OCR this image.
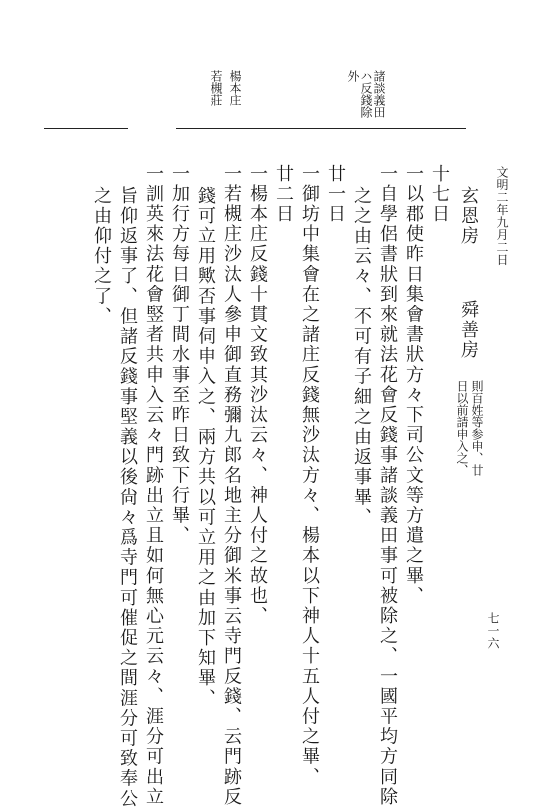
文明二年九月二日
七一六
諸談義田
ハ反錢除
外
楊本庄
若槻莊
玄恩房
舜善房
則百姓等参申、廿
日以前請申入之、
十七日
一以郡使昨日集會書狀方々下司公文等方遣之畢、
一自學侶書狀到來就法花會反錢事諸談義田事可被除之、一國平均方同除
之之由云々、不可有子細之由返事畢、
廿一日
一御坊中集會在之諸庄反錢無沙汰方々、楊本以下神人十五人付之畢、
廿二日
一楊本庄反錢十貫文致其沙汰云々、神人付之故也、
一若槻庄沙汰人參申御直務彌九郎名地主分御米事云寺門反錢、云門跡反
錢可立用歟否事伺申入之、兩方共以可立用之由加下知畢、
一加行方每日御丁間水事至昨日致下行畢、
一訓英來法花會竪者共申入云々門跡出立且如何無心元云々、涯分可出立
旨仰返事了、但諸反錢事堅義以後尙々爲寺門可催促之間涯分可致奉公
之由仰付之了、
